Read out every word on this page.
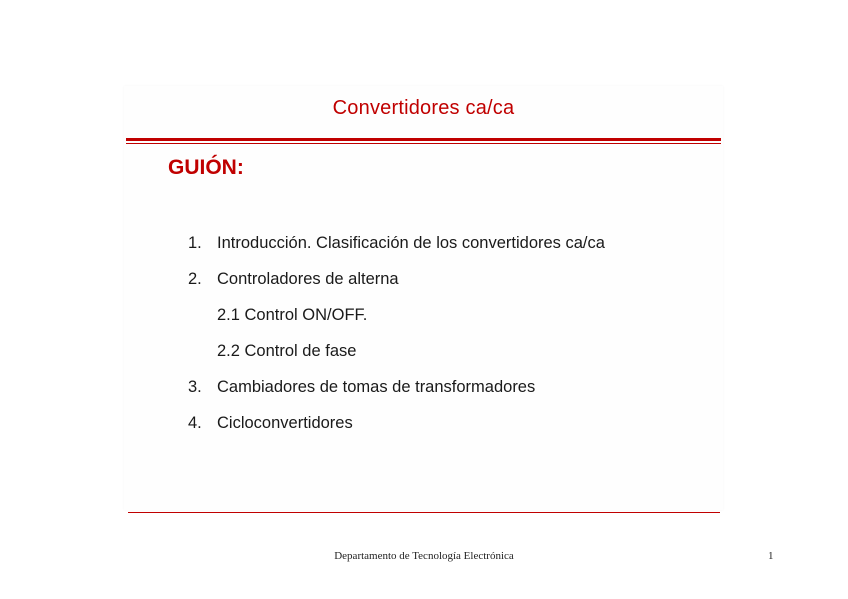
Convertidores ca/ca
GUIÓN:
1. Introducción. Clasificación de los convertidores ca/ca
2. Controladores de alterna
2.1 Control ON/OFF.
2.2 Control de fase
3. Cambiadores de tomas de transformadores
4. Cicloconvertidores
Departamento de Tecnología Electrónica	1
